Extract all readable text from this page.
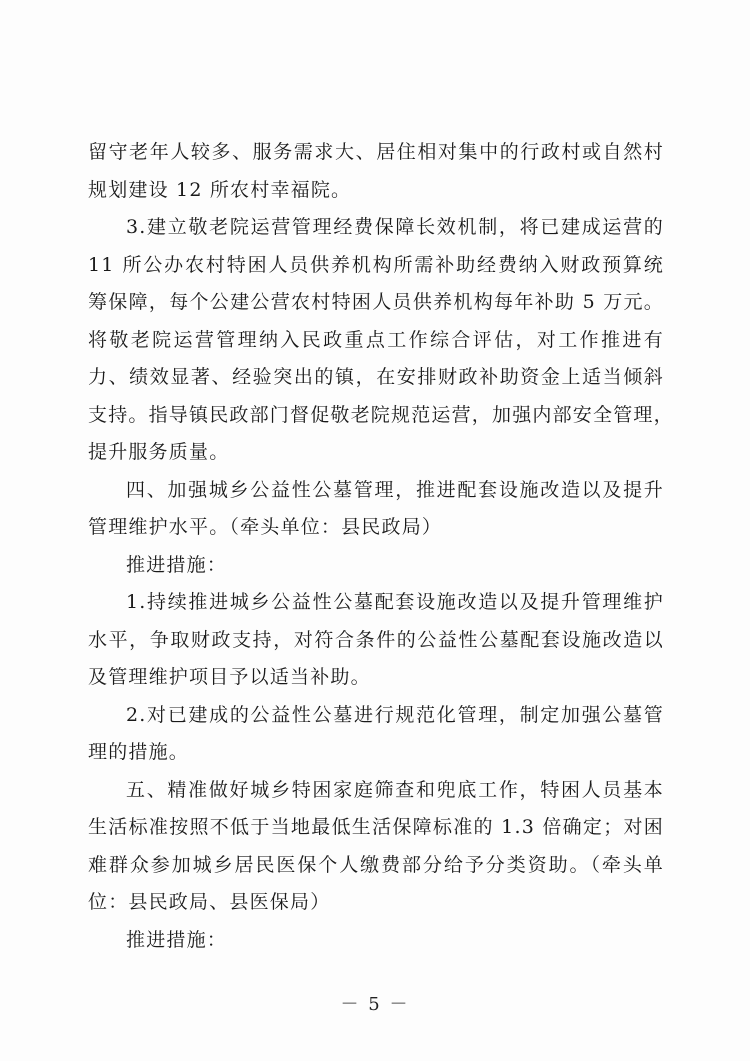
留守老年人较多、服务需求大、居住相对集中的行政村或自然村
规划建设 12 所农村幸福院。
3.建立敬老院运营管理经费保障长效机制，将已建成运营的
11 所公办农村特困人员供养机构所需补助经费纳入财政预算统
筹保障，每个公建公营农村特困人员供养机构每年补助 5 万元。
将敬老院运营管理纳入民政重点工作综合评估，对工作推进有
力、绩效显著、经验突出的镇，在安排财政补助资金上适当倾斜
支持。指导镇民政部门督促敬老院规范运营，加强内部安全管理，
提升服务质量。
四、加强城乡公益性公墓管理，推进配套设施改造以及提升
管理维护水平。（牵头单位：县民政局）
推进措施：
1.持续推进城乡公益性公墓配套设施改造以及提升管理维护
水平，争取财政支持，对符合条件的公益性公墓配套设施改造以
及管理维护项目予以适当补助。
2.对已建成的公益性公墓进行规范化管理，制定加强公墓管
理的措施。
五、精准做好城乡特困家庭筛查和兜底工作，特困人员基本
生活标准按照不低于当地最低生活保障标准的 1.3 倍确定；对困
难群众参加城乡居民医保个人缴费部分给予分类资助。（牵头单
位：县民政局、县医保局）
推进措施：
－ 5 －
